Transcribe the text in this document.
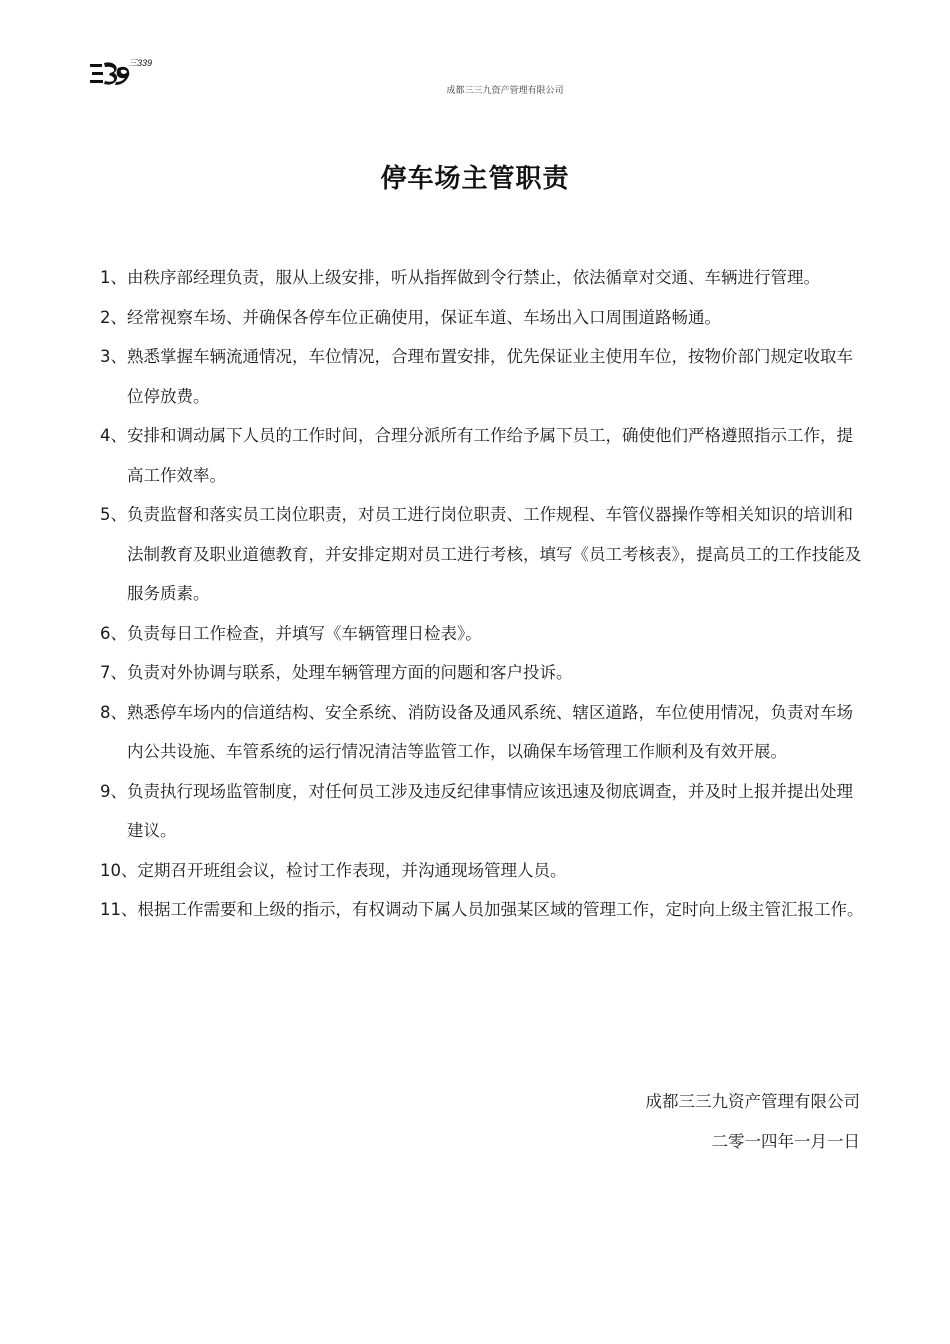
三339
成都三三九资产管理有限公司
停车场主管职责
1、 由秩序部经理负责，服从上级安排，听从指挥做到令行禁止，依法循章对交通、车辆进行管理。
2、 经常视察车场、并确保各停车位正确使用，保证车道、车场出入口周围道路畅通。
3、 熟悉掌握车辆流通情况，车位情况，合理布置安排，优先保证业主使用车位，按物价部门规定收取车位停放费。
4、 安排和调动属下人员的工作时间，合理分派所有工作给予属下员工，确使他们严格遵照指示工作，提高工作效率。
5、 负责监督和落实员工岗位职责，对员工进行岗位职责、工作规程、车管仪器操作等相关知识的培训和法制教育及职业道德教育，并安排定期对员工进行考核，填写《员工考核表》，提高员工的工作技能及服务质素。
6、 负责每日工作检查，并填写《车辆管理日检表》。
7、 负责对外协调与联系，处理车辆管理方面的问题和客户投诉。
8、 熟悉停车场内的信道结构、安全系统、消防设备及通风系统、辖区道路，车位使用情况，负责对车场内公共设施、车管系统的运行情况清洁等监管工作，以确保车场管理工作顺利及有效开展。
9、 负责执行现场监管制度，对任何员工涉及违反纪律事情应该迅速及彻底调查，并及时上报并提出处理建议。
10、 定期召开班组会议，检讨工作表现，并沟通现场管理人员。
11、 根据工作需要和上级的指示，有权调动下属人员加强某区域的管理工作，定时向上级主管汇报工作。
成都三三九资产管理有限公司
二零一四年一月一日
